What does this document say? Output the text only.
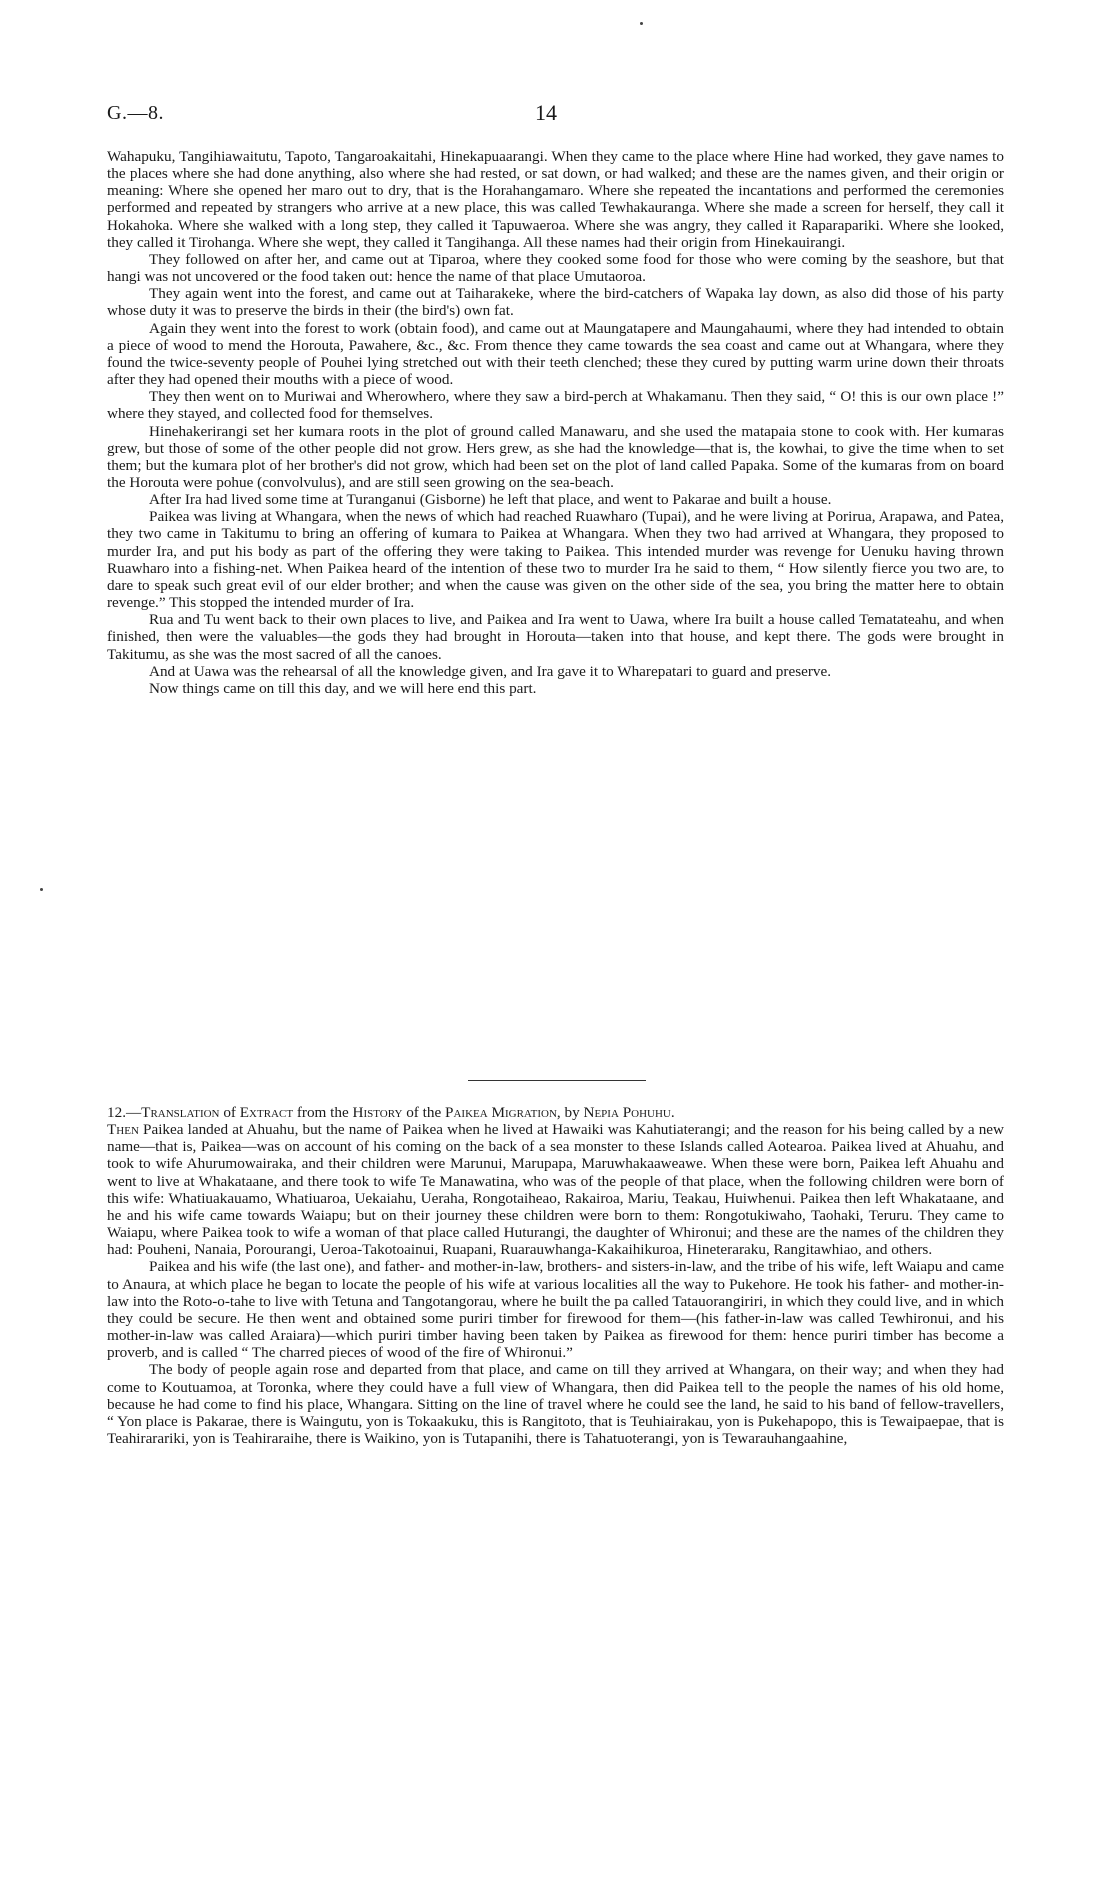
G.—8.	14

Wahapuku, Tangihiawaitutu, Tapoto, Tangaroakaitahi, Hinekapuaarangi. When they came to the place where Hine had worked, they gave names to the places where she had done anything, also where she had rested, or sat down, or had walked; and these are the names given, and their origin or meaning: Where she opened her maro out to dry, that is the Horahangamaro. Where she repeated the incantations and performed the ceremonies performed and repeated by strangers who arrive at a new place, this was called Tewhakauranga. Where she made a screen for herself, they call it Hokahoka. Where she walked with a long step, they called it Tapuwaeroa. Where she was angry, they called it Raparapariki. Where she looked, they called it Tirohanga. Where she wept, they called it Tangihanga. All these names had their origin from Hinekauirangi.

They followed on after her, and came out at Tiparoa, where they cooked some food for those who were coming by the seashore, but that hangi was not uncovered or the food taken out: hence the name of that place Umutaoroa.

They again went into the forest, and came out at Taiharakeke, where the bird-catchers of Wapaka lay down, as also did those of his party whose duty it was to preserve the birds in their (the bird's) own fat.

Again they went into the forest to work (obtain food), and came out at Maungatapere and Maungahaumi, where they had intended to obtain a piece of wood to mend the Horouta, Pawahere, &c., &c. From thence they came towards the sea coast and came out at Whangara, where they found the twice-seventy people of Pouhei lying stretched out with their teeth clenched; these they cured by putting warm urine down their throats after they had opened their mouths with a piece of wood.

They then went on to Muriwai and Wherowhero, where they saw a bird-perch at Whakamanu. Then they said, “ O! this is our own place !” where they stayed, and collected food for themselves.

Hinehakerirangi set her kumara roots in the plot of ground called Manawaru, and she used the matapaia stone to cook with. Her kumaras grew, but those of some of the other people did not grow. Hers grew, as she had the knowledge—that is, the kowhai, to give the time when to set them; but the kumara plot of her brother's did not grow, which had been set on the plot of land called Papaka. Some of the kumaras from on board the Horouta were pohue (convolvulus), and are still seen growing on the sea-beach.

After Ira had lived some time at Turanganui (Gisborne) he left that place, and went to Pakarae and built a house.

Paikea was living at Whangara, when the news of which had reached Ruawharo (Tupai), and he were living at Porirua, Arapawa, and Patea, they two came in Takitumu to bring an offering of kumara to Paikea at Whangara. When they two had arrived at Whangara, they proposed to murder Ira, and put his body as part of the offering they were taking to Paikea. This intended murder was revenge for Uenuku having thrown Ruawharo into a fishing-net. When Paikea heard of the intention of these two to murder Ira he said to them, “ How silently fierce you two are, to dare to speak such great evil of our elder brother; and when the cause was given on the other side of the sea, you bring the matter here to obtain revenge.” This stopped the intended murder of Ira.

Rua and Tu went back to their own places to live, and Paikea and Ira went to Uawa, where Ira built a house called Tematateahu, and when finished, then were the valuables—the gods they had brought in Horouta—taken into that house, and kept there. The gods were brought in Takitumu, as she was the most sacred of all the canoes.

And at Uawa was the rehearsal of all the knowledge given, and Ira gave it to Wharepatari to guard and preserve.

Now things came on till this day, and we will here end this part.

12.—Translation of Extract from the History of the Paikea Migration, by Nepia Pohuhu.

Then Paikea landed at Ahuahu, but the name of Paikea when he lived at Hawaiki was Kahutiaterangi; and the reason for his being called by a new name—that is, Paikea—was on account of his coming on the back of a sea monster to these Islands called Aotearoa. Paikea lived at Ahuahu, and took to wife Ahurumowairaka, and their children were Marunui, Marupapa, Maruwhakaaweawe. When these were born, Paikea left Ahuahu and went to live at Whakataane, and there took to wife Te Manawatina, who was of the people of that place, when the following children were born of this wife: Whatiuakauamo, Whatiuaroa, Uekaiahu, Ueraha, Rongotaiheao, Rakairoa, Mariu, Teakau, Huiwhenui. Paikea then left Whakataane, and he and his wife came towards Waiapu; but on their journey these children were born to them: Rongotukiwaho, Taohaki, Teruru. They came to Waiapu, where Paikea took to wife a woman of that place called Huturangi, the daughter of Whironui; and these are the names of the children they had: Pouheni, Nanaia, Porourangi, Ueroa-Takotoainui, Ruapani, Ruarauwhanga-Kakaihikuroa, Hineteraraku, Rangitawhiao, and others.

Paikea and his wife (the last one), and father- and mother-in-law, brothers- and sisters-in-law, and the tribe of his wife, left Waiapu and came to Anaura, at which place he began to locate the people of his wife at various localities all the way to Pukehore. He took his father- and mother-in-law into the Roto-o-tahe to live with Tetuna and Tangotangorau, where he built the pa called Tatauorangiriri, in which they could live, and in which they could be secure. He then went and obtained some puriri timber for firewood for them—(his father-in-law was called Tewhironui, and his mother-in-law was called Araiara)—which puriri timber having been taken by Paikea as firewood for them: hence puriri timber has become a proverb, and is called “ The charred pieces of wood of the fire of Whironui.”

The body of people again rose and departed from that place, and came on till they arrived at Whangara, on their way; and when they had come to Koutuamoa, at Toronka, where they could have a full view of Whangara, then did Paikea tell to the people the names of his old home, because he had come to find his place, Whangara. Sitting on the line of travel where he could see the land, he said to his band of fellow-travellers, “ Yon place is Pakarae, there is Waingutu, yon is Tokaakuku, this is Rangitoto, that is Teuhiairakau, yon is Pukehapopo, this is Tewaipaepae, that is Teahirarariki, yon is Teahiraraihe, there is Waikino, yon is Tutapanihi, there is Tahatuoterangi, yon is Tewarauhangaahine,
